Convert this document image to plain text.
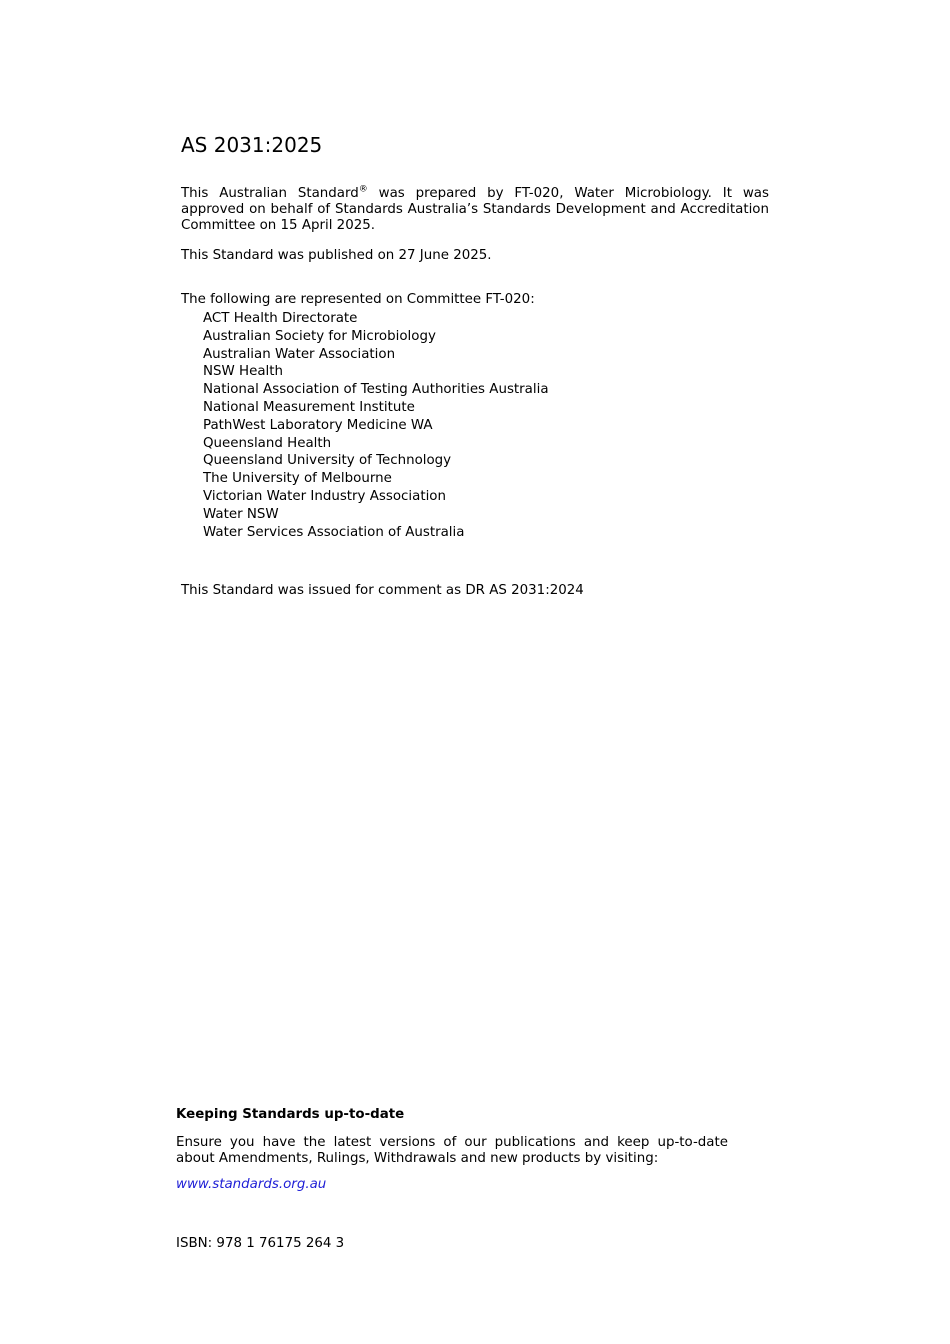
AS 2031:2025

This Australian Standard® was prepared by FT-020, Water Microbiology. It was approved on behalf of Standards Australia’s Standards Development and Accreditation Committee on 15 April 2025.

This Standard was published on 27 June 2025.

The following are represented on Committee FT-020:

ACT Health Directorate
Australian Society for Microbiology
Australian Water Association
NSW Health
National Association of Testing Authorities Australia
National Measurement Institute
PathWest Laboratory Medicine WA
Queensland Health
Queensland University of Technology
The University of Melbourne
Victorian Water Industry Association
Water NSW
Water Services Association of Australia

This Standard was issued for comment as DR AS 2031:2024

Keeping Standards up-to-date

Ensure you have the latest versions of our publications and keep up-to-date about Amendments, Rulings, Withdrawals and new products by visiting:

www.standards.org.au

ISBN: 978 1 76175 264 3
